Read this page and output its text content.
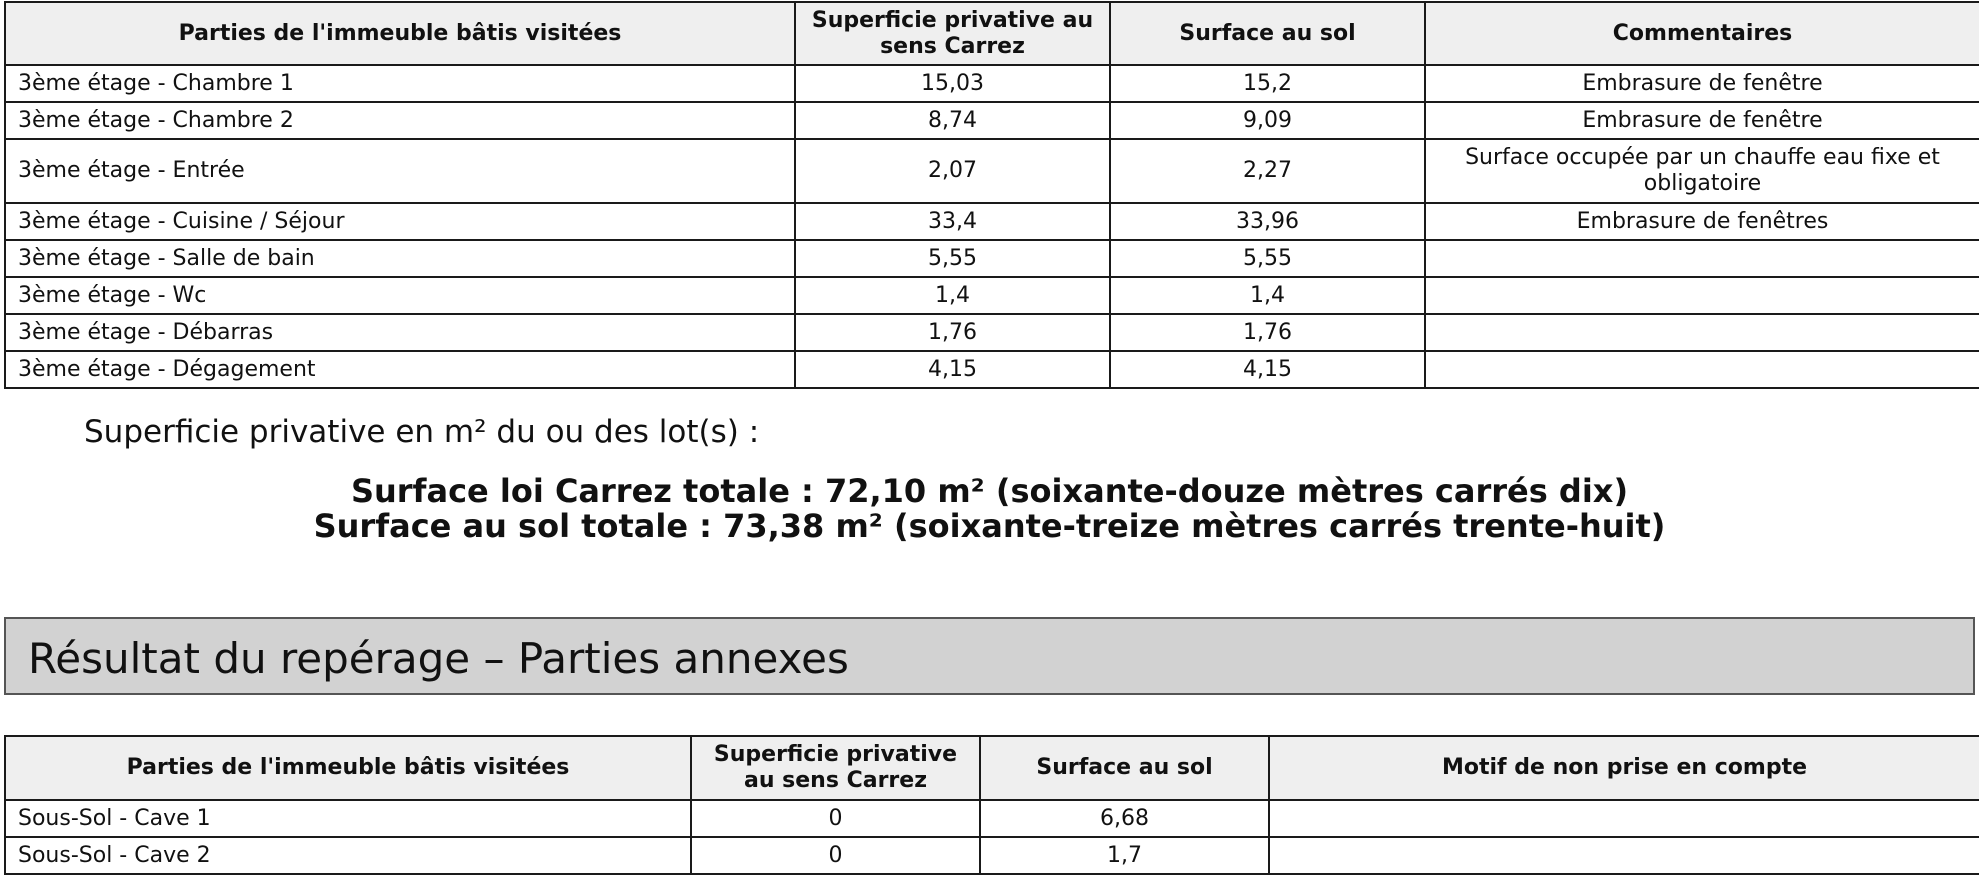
Parties de l'immeuble bâtis visitées	Superficie privative au sens Carrez	Surface au sol	Commentaires
3ème étage - Chambre 1	15,03	15,2	Embrasure de fenêtre
3ème étage - Chambre 2	8,74	9,09	Embrasure de fenêtre
3ème étage - Entrée	2,07	2,27	Surface occupée par un chauffe eau fixe et obligatoire
3ème étage - Cuisine / Séjour	33,4	33,96	Embrasure de fenêtres
3ème étage - Salle de bain	5,55	5,55	
3ème étage - Wc	1,4	1,4	
3ème étage - Débarras	1,76	1,76	
3ème étage - Dégagement	4,15	4,15	
Superficie privative en m² du ou des lot(s) :
Surface loi Carrez totale : 72,10 m² (soixante-douze mètres carrés dix)
Surface au sol totale : 73,38 m² (soixante-treize mètres carrés trente-huit)
Résultat du repérage – Parties annexes
Parties de l'immeuble bâtis visitées	Superficie privative au sens Carrez	Surface au sol	Motif de non prise en compte
Sous-Sol - Cave 1	0	6,68	
Sous-Sol - Cave 2	0	1,7	
